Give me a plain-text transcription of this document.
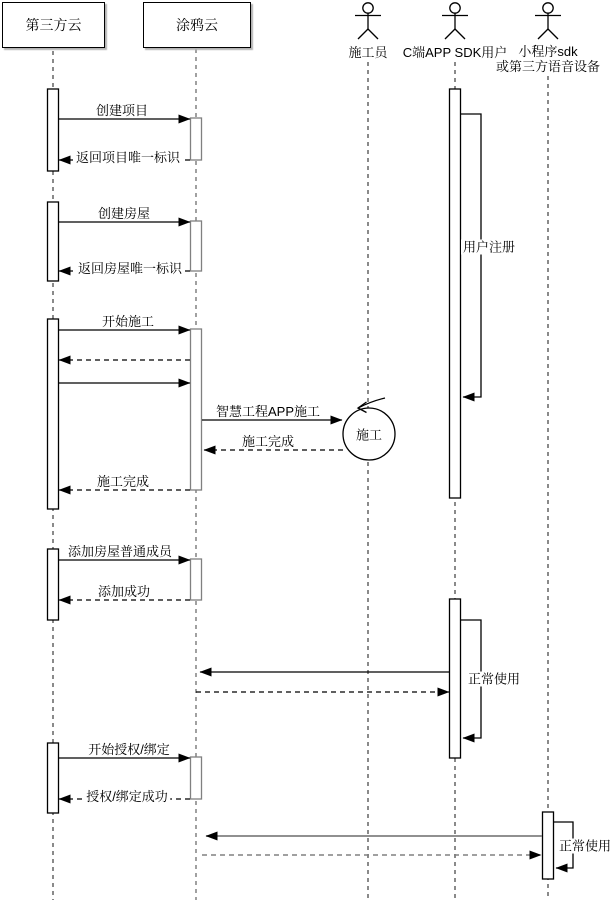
第三方云	涂鸦云
施工员 C端APP SDK用户 小程序sdk
或第三方语音设备
创建项目
返回项目唯一标识
创建房屋
返回房屋唯一标识
开始施工
智慧工程APP施工
施工完成
施工完成
添加房屋普通成员
添加成功
开始授权/绑定
授权/绑定成功
用户注册
正常使用
正常使用
施工
